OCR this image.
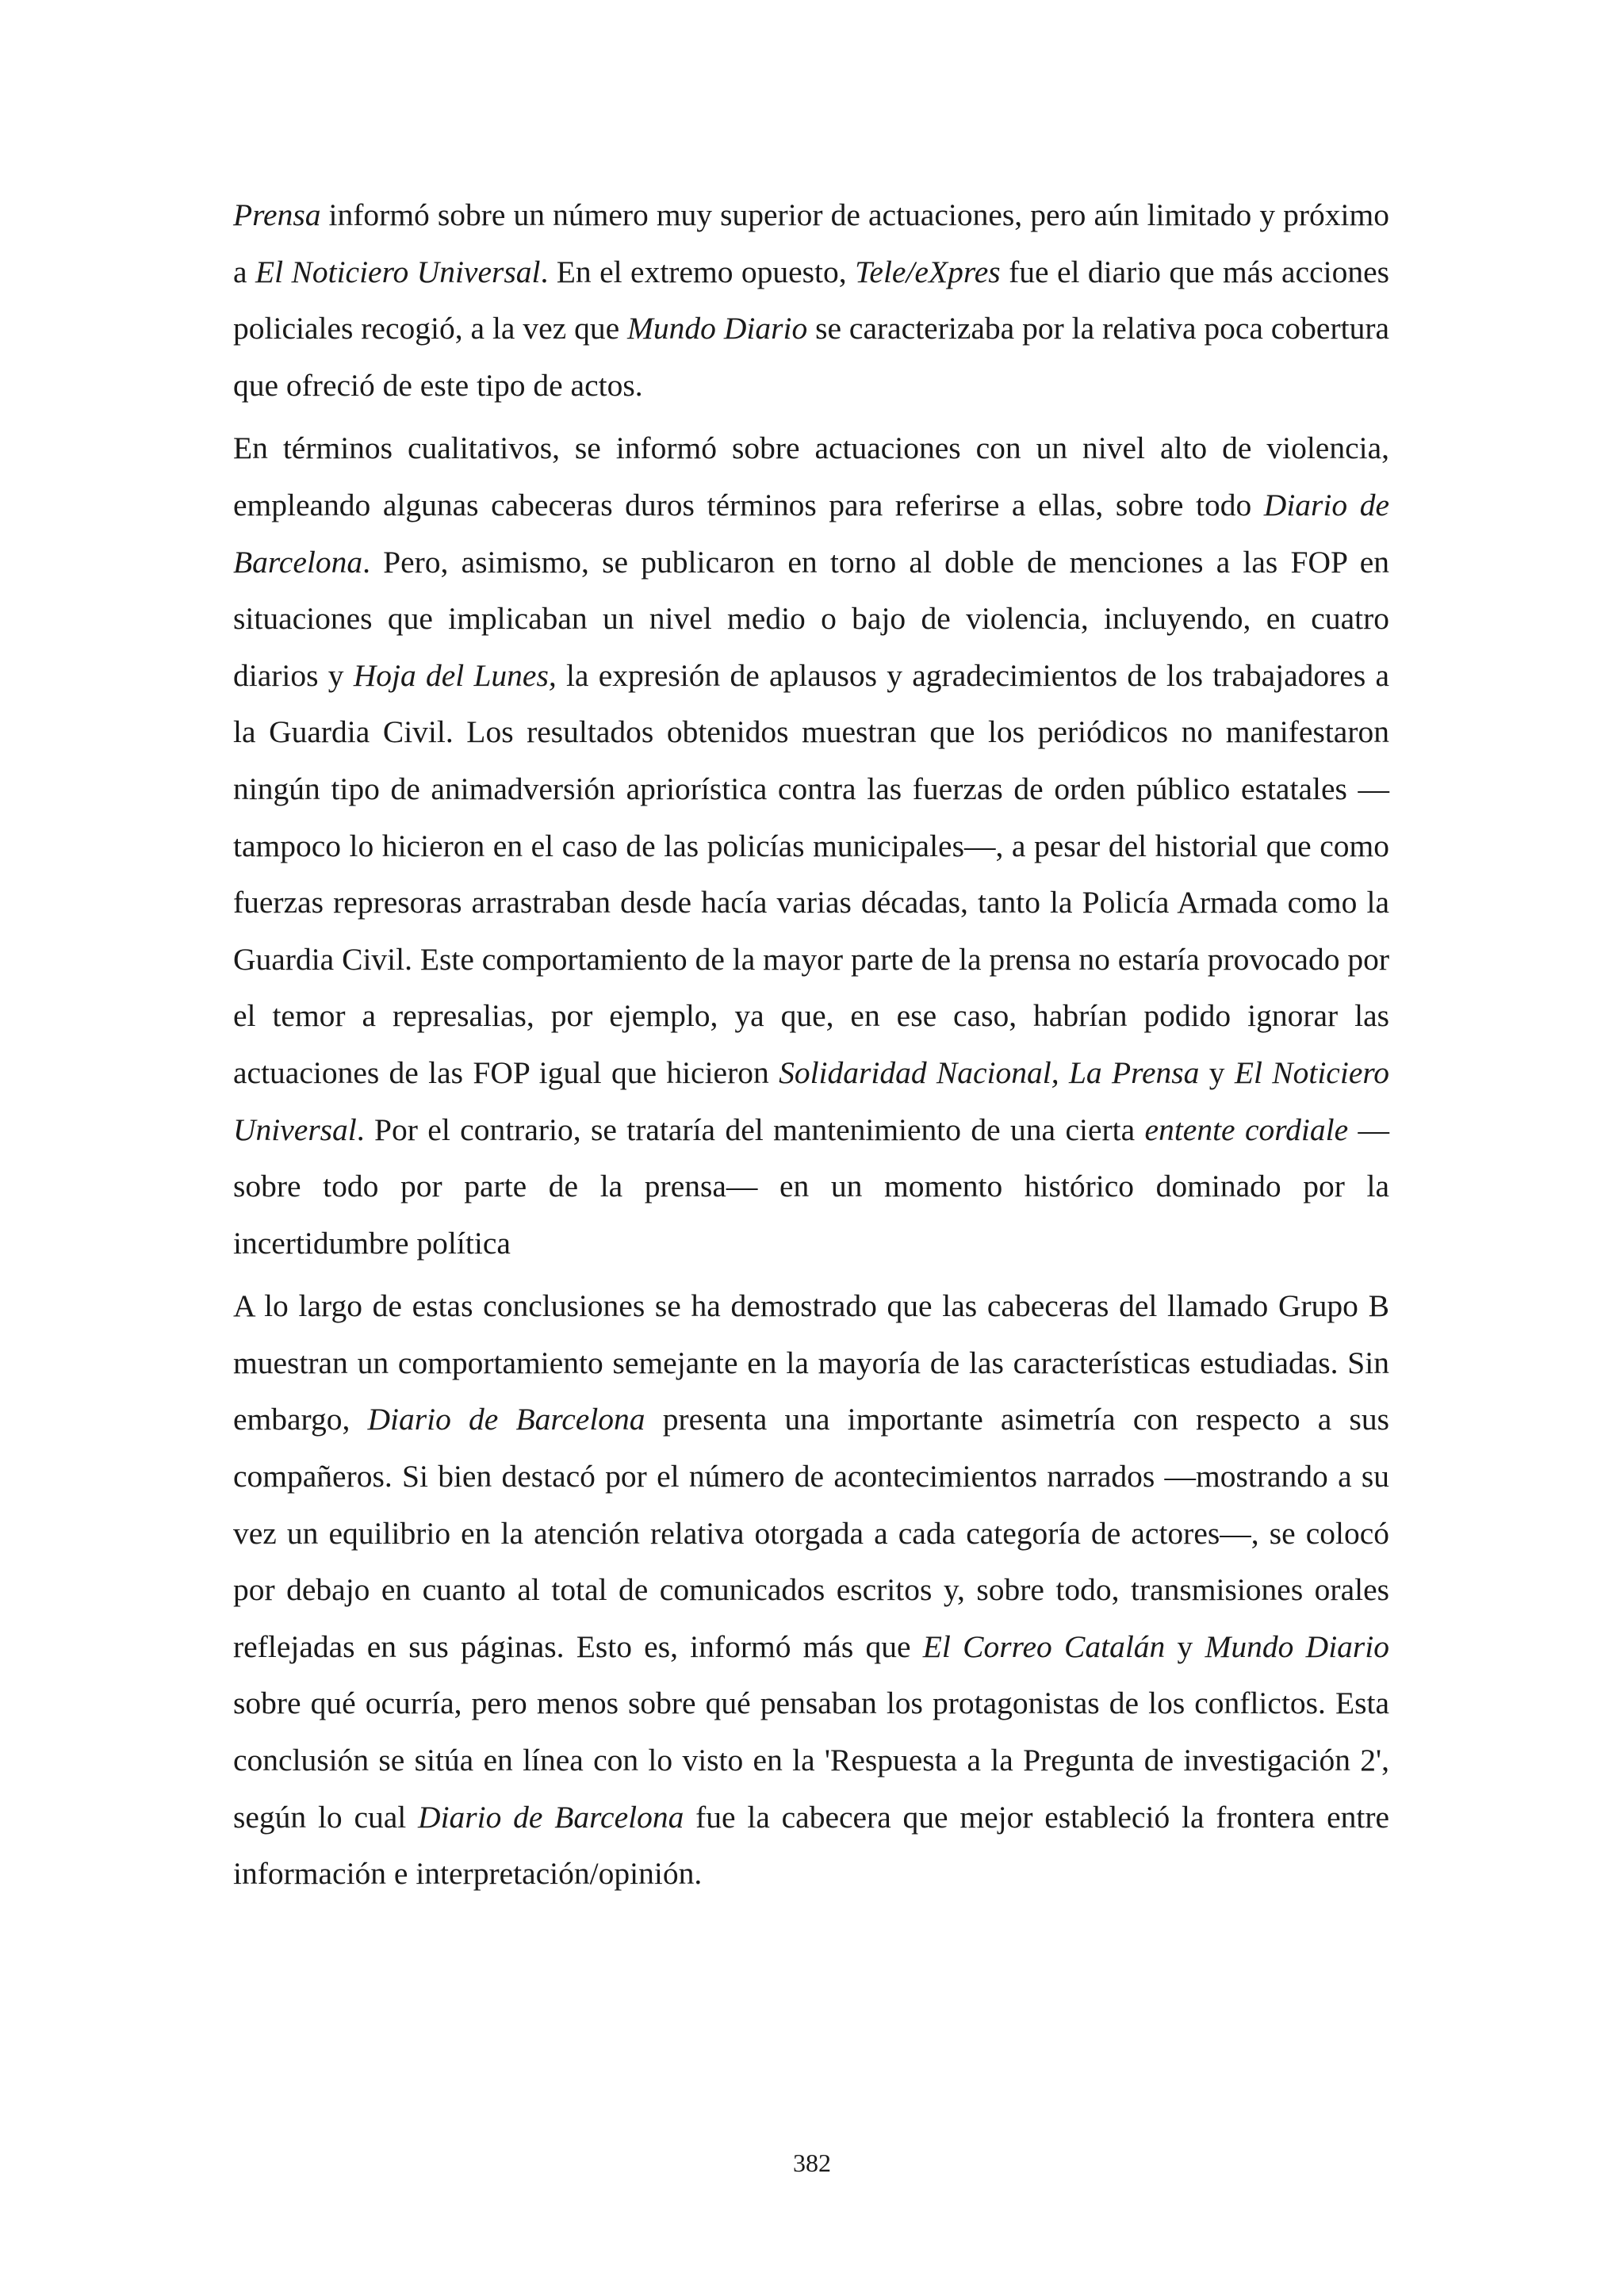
Prensa informó sobre un número muy superior de actuaciones, pero aún limitado y próximo a El Noticiero Universal. En el extremo opuesto, Tele/eXpres fue el diario que más acciones policiales recogió, a la vez que Mundo Diario se caracterizaba por la relativa poca cobertura que ofreció de este tipo de actos.

En términos cualitativos, se informó sobre actuaciones con un nivel alto de violencia, empleando algunas cabeceras duros términos para referirse a ellas, sobre todo Diario de Barcelona. Pero, asimismo, se publicaron en torno al doble de menciones a las FOP en situaciones que implicaban un nivel medio o bajo de violencia, incluyendo, en cuatro diarios y Hoja del Lunes, la expresión de aplausos y agradecimientos de los trabajadores a la Guardia Civil. Los resultados obtenidos muestran que los periódicos no manifestaron ningún tipo de animadversión apriorística contra las fuerzas de orden público estatales —tampoco lo hicieron en el caso de las policías municipales—, a pesar del historial que como fuerzas represoras arrastraban desde hacía varias décadas, tanto la Policía Armada como la Guardia Civil. Este comportamiento de la mayor parte de la prensa no estaría provocado por el temor a represalias, por ejemplo, ya que, en ese caso, habrían podido ignorar las actuaciones de las FOP igual que hicieron Solidaridad Nacional, La Prensa y El Noticiero Universal. Por el contrario, se trataría del mantenimiento de una cierta entente cordiale —sobre todo por parte de la prensa— en un momento histórico dominado por la incertidumbre política

A lo largo de estas conclusiones se ha demostrado que las cabeceras del llamado Grupo B muestran un comportamiento semejante en la mayoría de las características estudiadas. Sin embargo, Diario de Barcelona presenta una importante asimetría con respecto a sus compañeros. Si bien destacó por el número de acontecimientos narrados —mostrando a su vez un equilibrio en la atención relativa otorgada a cada categoría de actores—, se colocó por debajo en cuanto al total de comunicados escritos y, sobre todo, transmisiones orales reflejadas en sus páginas. Esto es, informó más que El Correo Catalán y Mundo Diario sobre qué ocurría, pero menos sobre qué pensaban los protagonistas de los conflictos. Esta conclusión se sitúa en línea con lo visto en la 'Respuesta a la Pregunta de investigación 2', según lo cual Diario de Barcelona fue la cabecera que mejor estableció la frontera entre información e interpretación/opinión.

382
